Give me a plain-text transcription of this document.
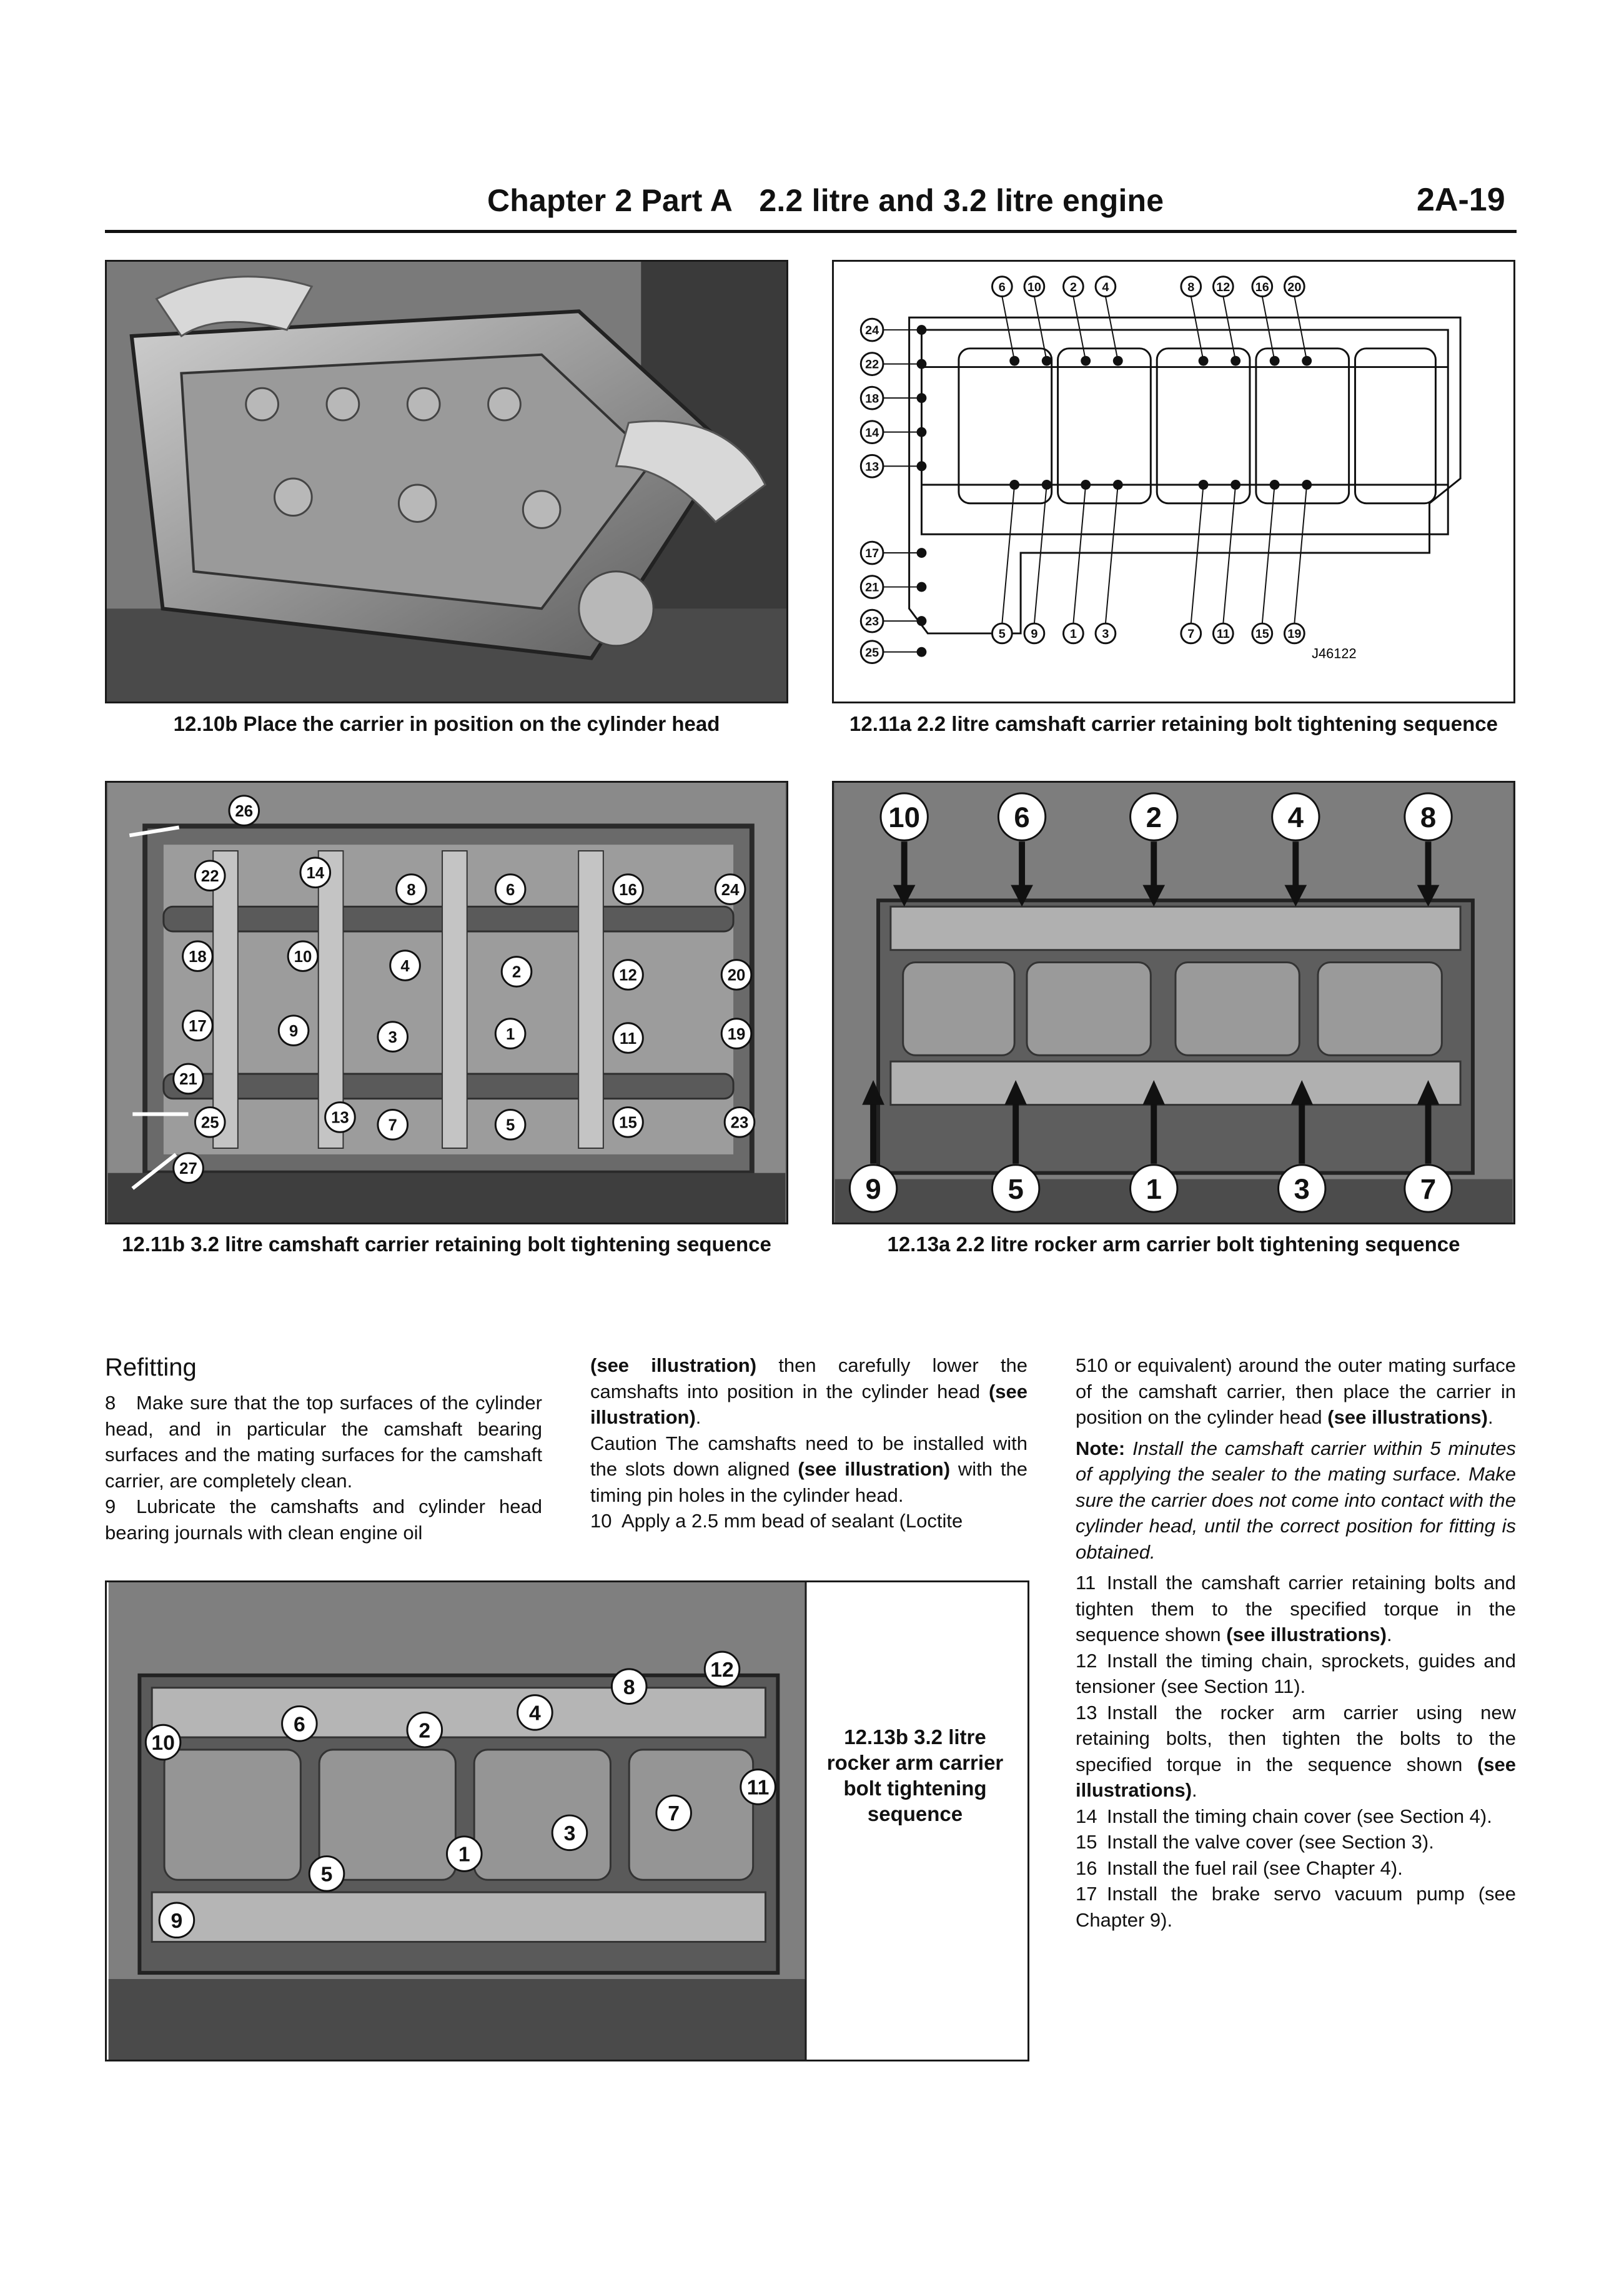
Chapter 2 Part A 2.2 litre and 3.2 litre engine	2A-19
12.10b Place the carrier in position on the cylinder head
6 10 2 4	8 12 16 20
24
22
18
14
13
17
21
23
25
5 9	1 3	7 11 15 19
J46122
12.11a 2.2 litre camshaft carrier retaining bolt tightening sequence
26
22	14
8	6	16	24
18	10
4	2	12	20
17	9	3	1	11	19
21
25	13 7	5	15	23
27
12.11b 3.2 litre camshaft carrier retaining bolt tightening sequence
10	6	2	4	8
9	5	1	3	7
12.13a 2.2 litre rocker arm carrier bolt tightening sequence
Refitting

8 Make sure that the top surfaces of the cylinder head, and in particular the camshaft bearing surfaces and the mating surfaces for the camshaft carrier, are completely clean.

9 Lubricate the camshafts and cylinder head bearing journals with clean engine oil

(see illustration) then carefully lower the camshafts into position in the cylinder head (see illustration).

Caution The camshafts need to be installed with the slots down aligned (see illustration) with the timing pin holes in the cylinder head.

10 Apply a 2.5 mm bead of sealant (Loctite

510 or equivalent) around the outer mating surface of the camshaft carrier, then place the carrier in position on the cylinder head (see illustrations).

Note: Install the camshaft carrier within 5 minutes of applying the sealer to the mating surface. Make sure the carrier does not come into contact with the cylinder head, until the correct position for fitting is obtained.

11 Install the camshaft carrier retaining bolts and tighten them to the specified torque in the sequence shown (see illustrations).

12 Install the timing chain, sprockets, guides and tensioner (see Section 11).

13 Install the rocker arm carrier using new retaining bolts, then tighten the bolts to the specified torque in the sequence shown (see illustrations).

14 Install the timing chain cover (see Section 4).

15 Install the valve cover (see Section 3).

16 Install the fuel rail (see Chapter 4).

17 Install the brake servo vacuum pump (see Chapter 9).

10
6	2
4
8
12
11
7
3
1
5
9
12.13b 3.2 litre rocker arm carrier bolt tightening sequence
